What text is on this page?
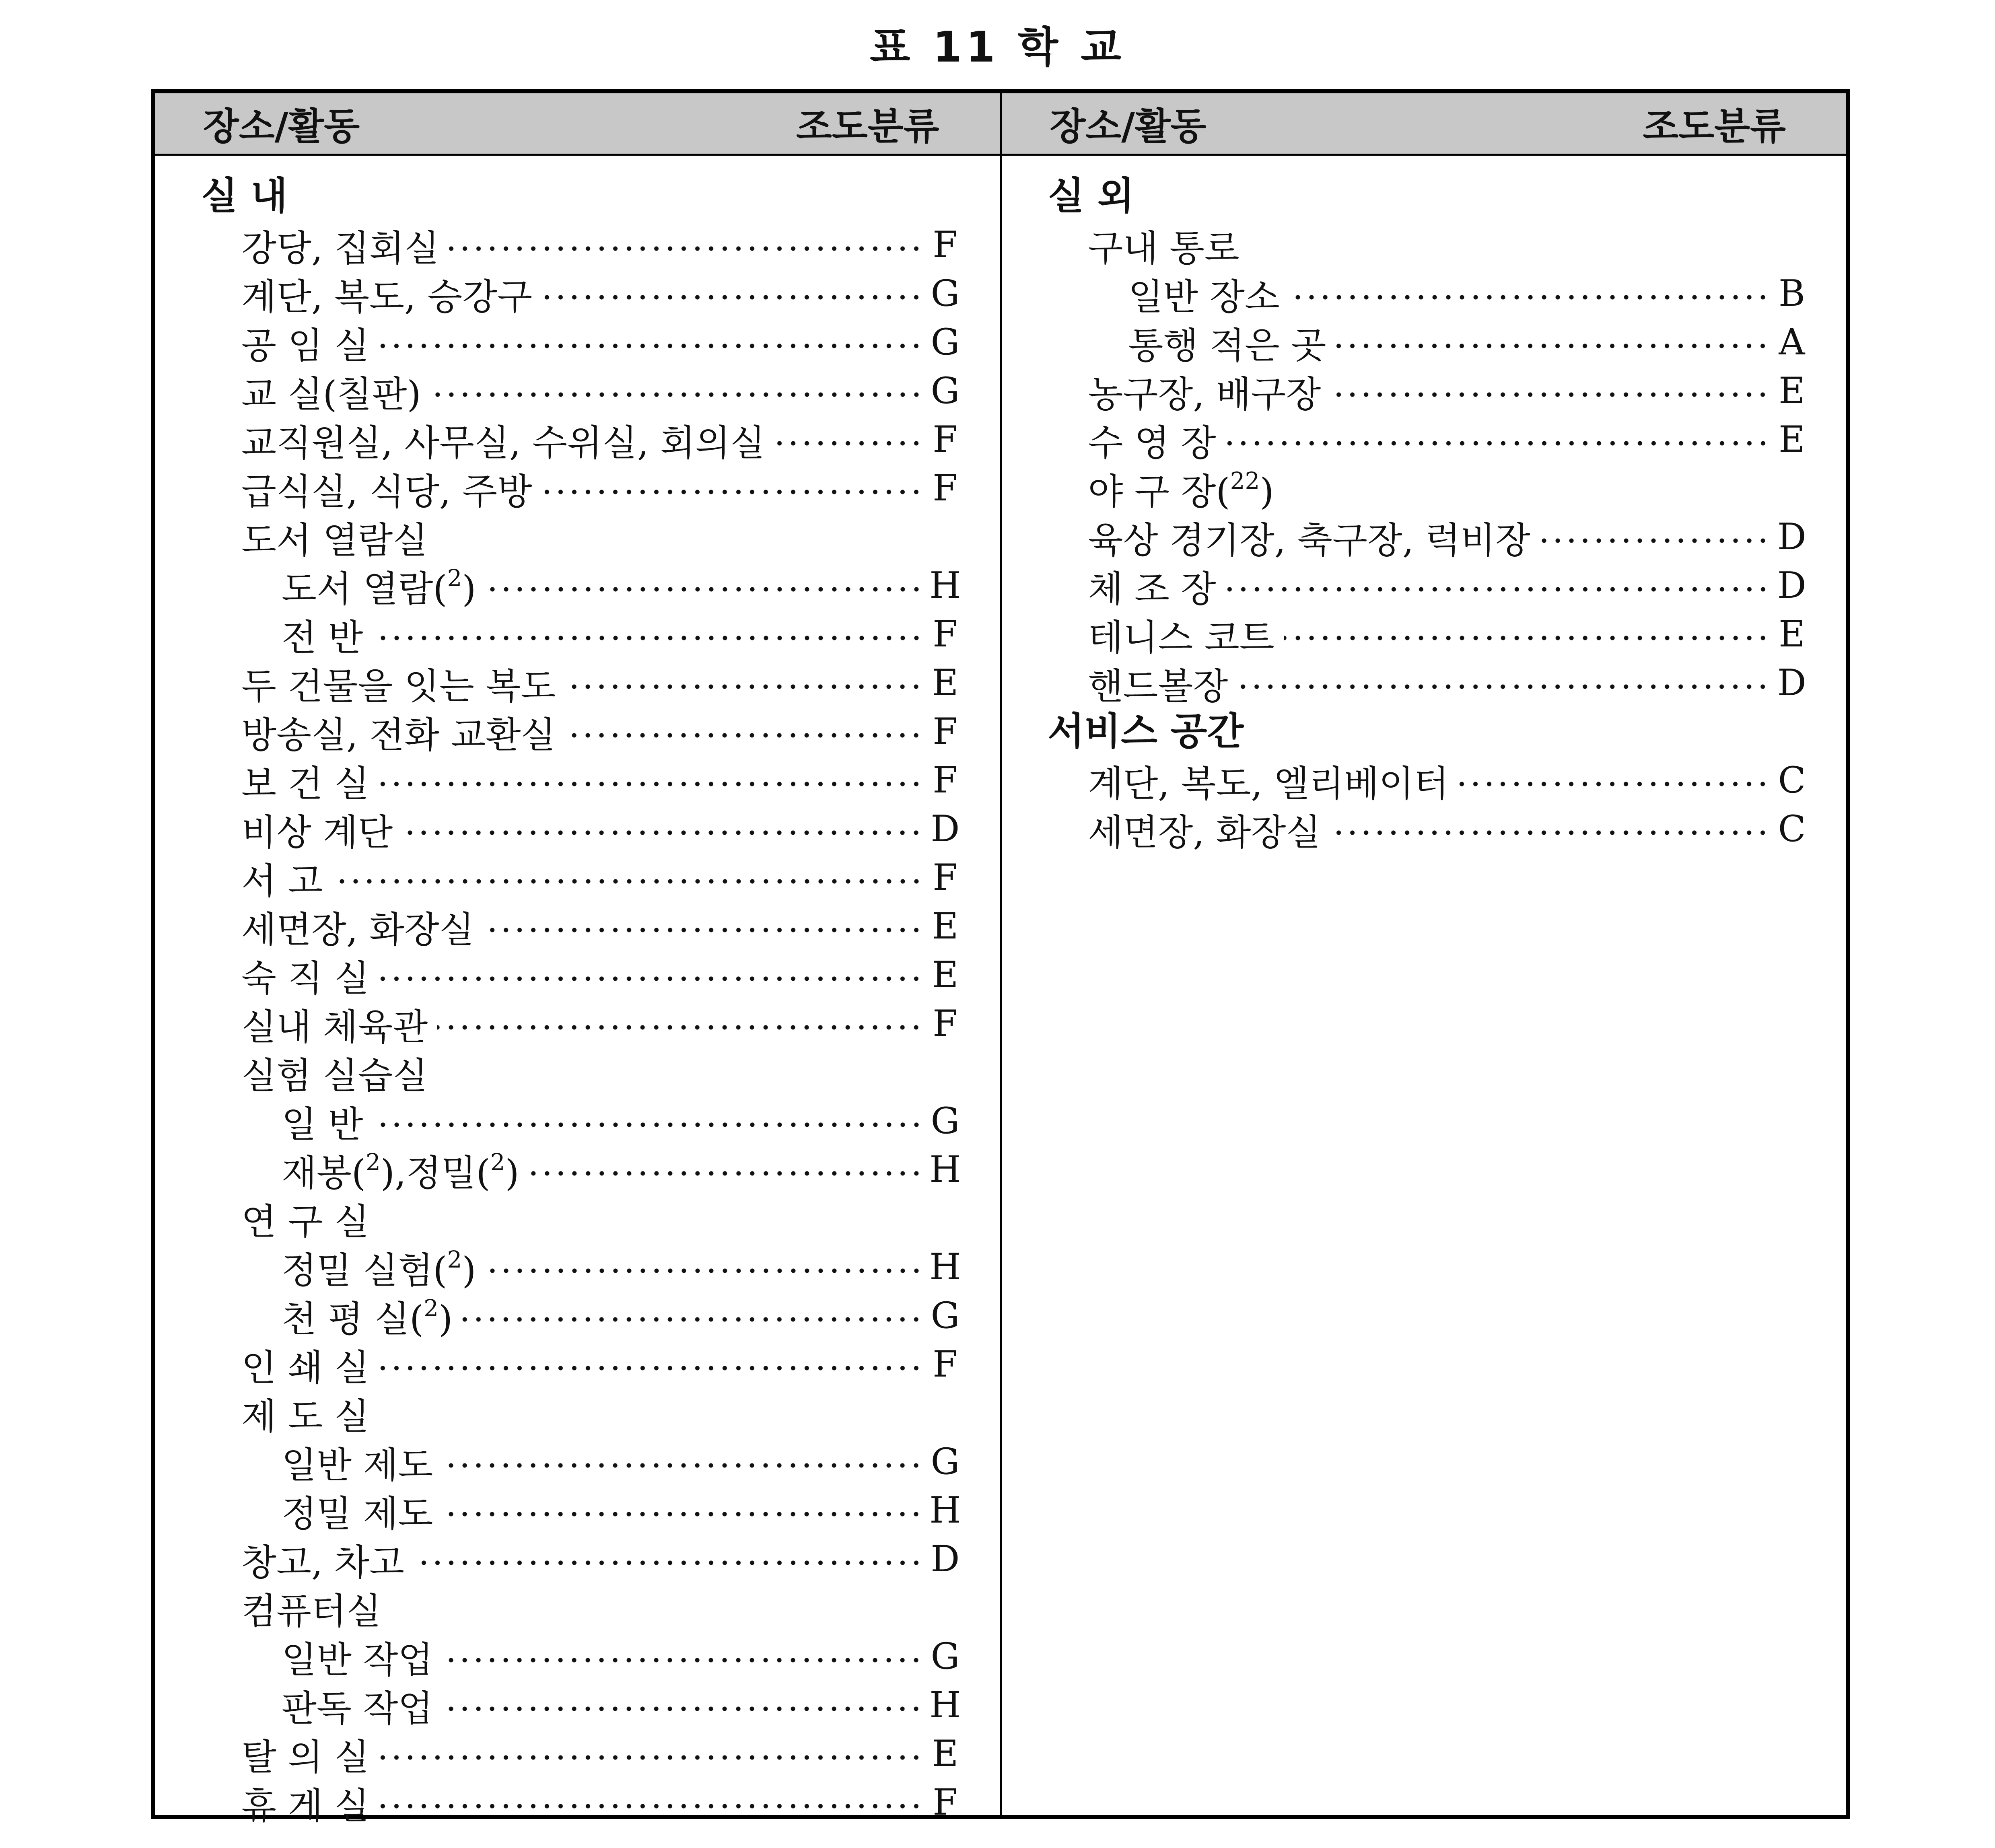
표 11 학 교
장소/활동	조도분류
실 내
강당, 집회실	F
계단, 복도, 승강구	G
공 임 실	G
교 실(칠판)	G
교직원실, 사무실, 수위실, 회의실	F
급식실, 식당, 주방	F
도서 열람실
도서 열람($^2$)	H
전 반	F
두 건물을 잇는 복도	E
방송실, 전화 교환실	F
보 건 실	F
비상 계단	D
서 고	F
세면장, 화장실	E
숙 직 실	E
실내 체육관	F
실험 실습실
일 반	G
재봉($^2$),정밀($^2$)	H
연 구 실
정밀 실험($^2$)	H
천 평 실($^2$)	G
인 쇄 실	F
제 도 실
일반 제도	G
정밀 제도	H
창고, 차고	D
컴퓨터실
일반 작업	G
판독 작업	H
탈 의 실	E
휴 게 실	F
장소/활동	조도분류
실 외
구내 통로
일반 장소	B
통행 적은 곳	A
농구장, 배구장	E
수 영 장	E
야 구 장($^{22}$)
육상 경기장, 축구장, 럭비장	D
체 조 장	D
테니스 코트	E
핸드볼장	D
서비스 공간
계단, 복도, 엘리베이터	C
세면장, 화장실	C
